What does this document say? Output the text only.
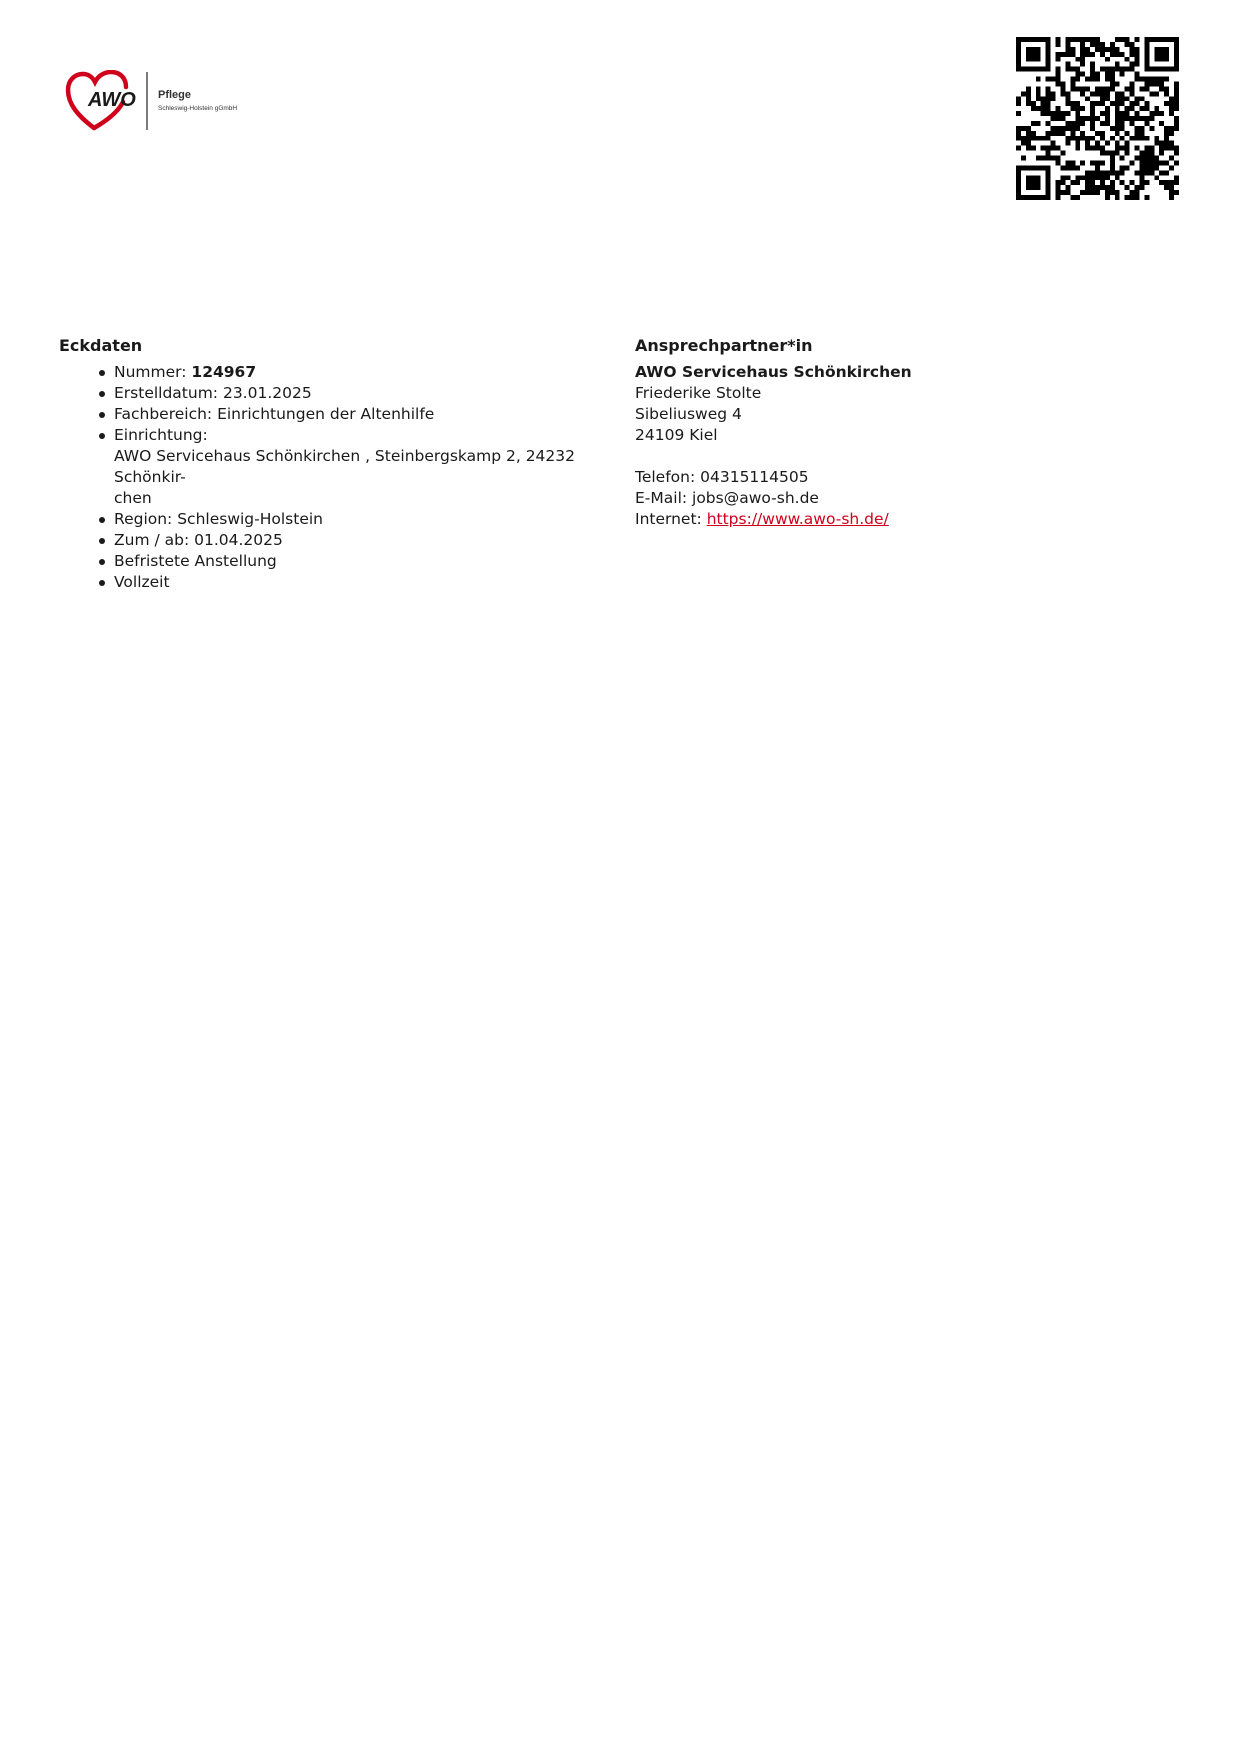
AWO Pflege
Schleswig-Holstein gGmbH
Eckdaten
Nummer: 124967
Erstelldatum: 23.01.2025
Fachbereich: Einrichtungen der Altenhilfe
Einrichtung:
AWO Servicehaus Schönkirchen , Steinbergskamp 2, 24232 Schönkir-
chen
Region: Schleswig-Holstein
Zum / ab: 01.04.2025
Befristete Anstellung
Vollzeit
Ansprechpartner*in
AWO Servicehaus Schönkirchen
Friederike Stolte
Sibeliusweg 4
24109 Kiel
Telefon: 04315114505
E-Mail: jobs@awo-sh.de
Internet: https://www.awo-sh.de/
